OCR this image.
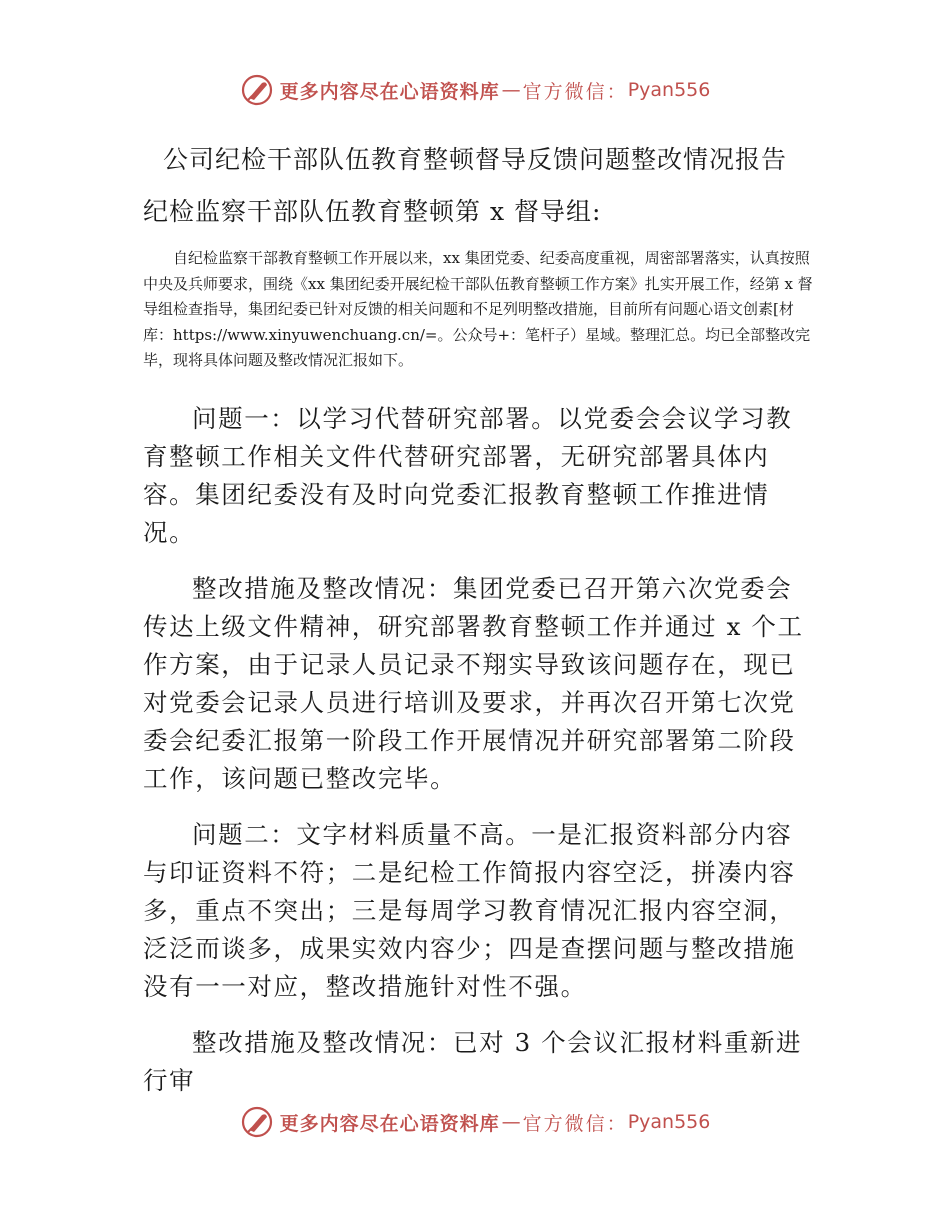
更多内容尽在心语资料库 — 官方微信： Pyan556
公司纪检干部队伍教育整顿督导反馈问题整改情况报告
纪检监察干部队伍教育整顿第 x 督导组:

自纪检监察干部教育整顿工作开展以来，xx 集团党委、纪委高度重视，周密部署落实，认真按照中央及兵师要求，围绕《xx 集团纪委开展纪检干部队伍教育整顿工作方案》扎实开展工作，经第 x 督导组检查指导，集团纪委已针对反馈的相关问题和不足列明整改措施，目前所有问题心语文创素[材库：https://www.xinyuwenchuang.cn/=。公众号+：笔杆子）星域。整理汇总。均已全部整改完毕，现将具体问题及整改情况汇报如下。

问题一：以学习代替研究部署。以党委会会议学习教育整顿工作相关文件代替研究部署，无研究部署具体内容。集团纪委没有及时向党委汇报教育整顿工作推进情况。

整改措施及整改情况：集团党委已召开第六次党委会传达上级文件精神，研究部署教育整顿工作并通过 x 个工作方案，由于记录人员记录不翔实导致该问题存在，现已对党委会记录人员进行培训及要求，并再次召开第七次党委会纪委汇报第一阶段工作开展情况并研究部署第二阶段工作，该问题已整改完毕。

问题二：文字材料质量不高。一是汇报资料部分内容与印证资料不符；二是纪检工作简报内容空泛，拼凑内容多，重点不突出；三是每周学习教育情况汇报内容空洞，泛泛而谈多，成果实效内容少；四是查摆问题与整改措施没有一一对应，整改措施针对性不强。

整改措施及整改情况：已对 3 个会议汇报材料重新进行审

更多内容尽在心语资料库 — 官方微信： Pyan556
